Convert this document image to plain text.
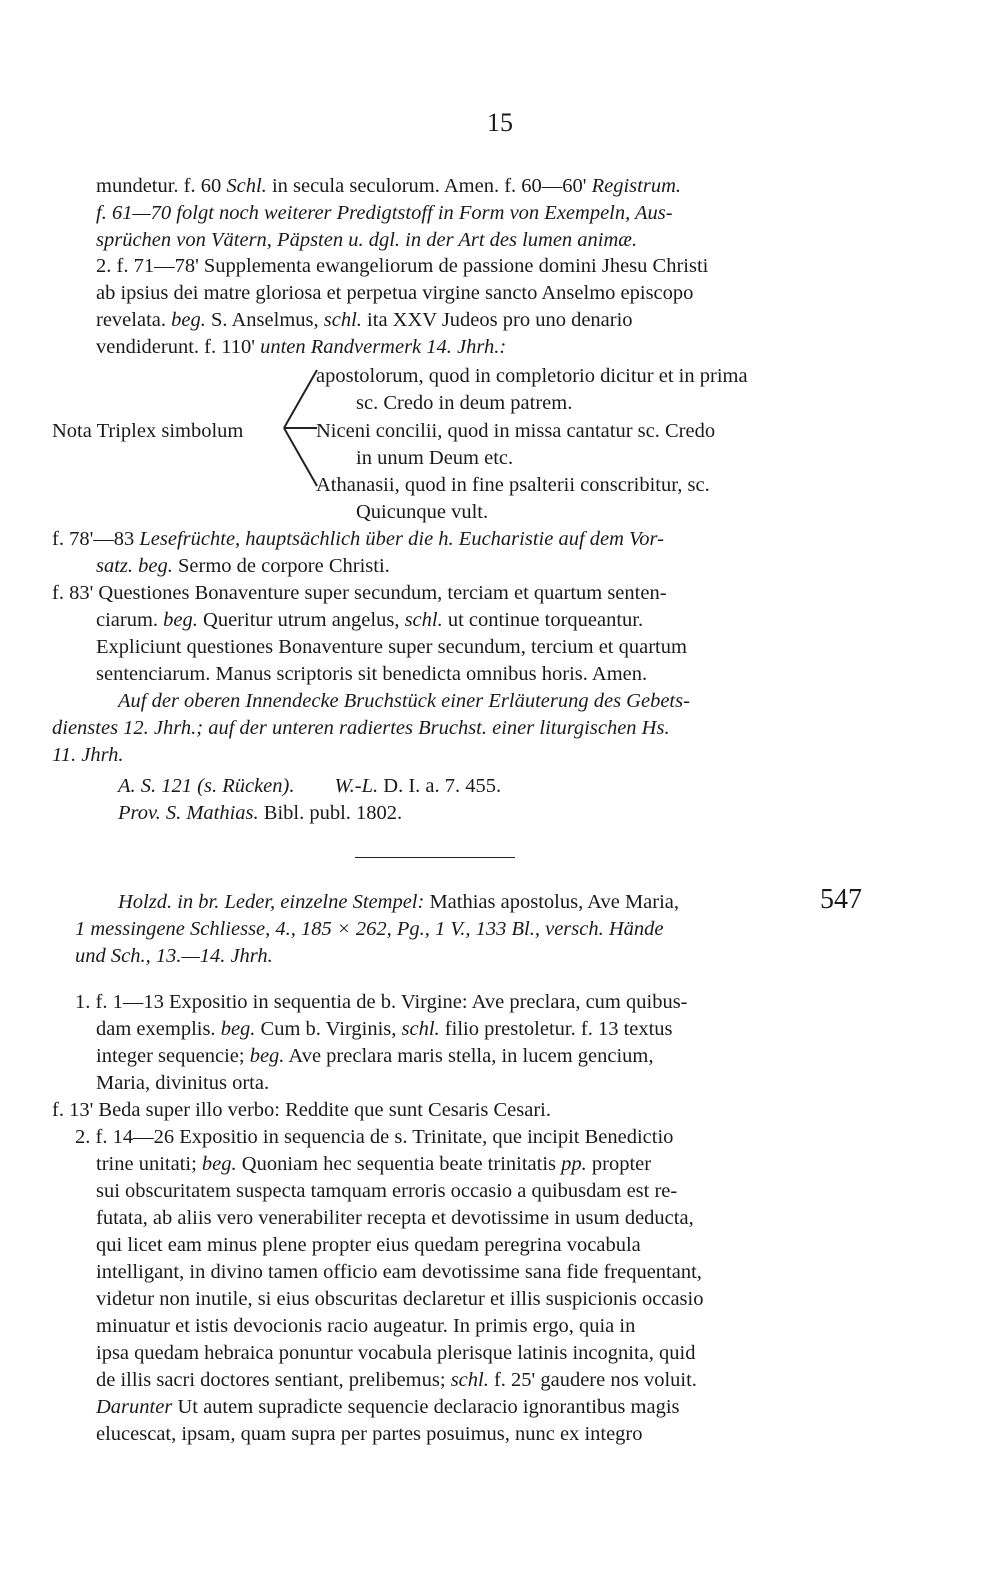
15
mundetur. f. 60 Schl. in secula seculorum. Amen. f. 60—60' Registrum.
f. 61—70 folgt noch weiterer Predigtstoff in Form von Exempeln, Aus-
sprüchen von Vätern, Päpsten u. dgl. in der Art des lumen animæ.
2. f. 71—78' Supplementa ewangeliorum de passione domini Jhesu Christi
ab ipsius dei matre gloriosa et perpetua virgine sancto Anselmo episcopo
revelata. beg. S. Anselmus, schl. ita XXV Judeos pro uno denario
vendiderunt. f. 110' unten Randvermerk 14. Jhrh.:
Nota Triplex simbolum
apostolorum, quod in completorio dicitur et in prima
sc. Credo in deum patrem.
Niceni concilii, quod in missa cantatur sc. Credo
in unum Deum etc.
Athanasii, quod in fine psalterii conscribitur, sc.
Quicunque vult.
f. 78'—83 Lesefrüchte, hauptsächlich über die h. Eucharistie auf dem Vor-
satz. beg. Sermo de corpore Christi.
f. 83' Questiones Bonaventure super secundum, terciam et quartum senten-
ciarum. beg. Queritur utrum angelus, schl. ut continue torqueantur.
Expliciunt questiones Bonaventure super secundum, tercium et quartum
sentenciarum. Manus scriptoris sit benedicta omnibus horis. Amen.
Auf der oberen Innendecke Bruchstück einer Erläuterung des Gebets-
dienstes 12. Jhrh.; auf der unteren radiertes Bruchst. einer liturgischen Hs.
11. Jhrh.
A. S. 121 (s. Rücken). W.-L. D. I. a. 7. 455.
Prov. S. Mathias. Bibl. publ. 1802.
547
Holzd. in br. Leder, einzelne Stempel: Mathias apostolus, Ave Maria,
1 messingene Schliesse, 4., 185 × 262, Pg., 1 V., 133 Bl., versch. Hände
und Sch., 13.—14. Jhrh.
1. f. 1—13 Expositio in sequentia de b. Virgine: Ave preclara, cum quibus-
dam exemplis. beg. Cum b. Virginis, schl. filio prestoletur. f. 13 textus
integer sequencie; beg. Ave preclara maris stella, in lucem gencium,
Maria, divinitus orta.
f. 13' Beda super illo verbo: Reddite que sunt Cesaris Cesari.
2. f. 14—26 Expositio in sequencia de s. Trinitate, que incipit Benedictio
trine unitati; beg. Quoniam hec sequentia beate trinitatis pp. propter
sui obscuritatem suspecta tamquam erroris occasio a quibusdam est re-
futata, ab aliis vero venerabiliter recepta et devotissime in usum deducta,
qui licet eam minus plene propter eius quedam peregrina vocabula
intelligant, in divino tamen officio eam devotissime sana fide frequentant,
videtur non inutile, si eius obscuritas declaretur et illis suspicionis occasio
minuatur et istis devocionis racio augeatur. In primis ergo, quia in
ipsa quedam hebraica ponuntur vocabula plerisque latinis incognita, quid
de illis sacri doctores sentiant, prelibemus; schl. f. 25' gaudere nos voluit.
Darunter Ut autem supradicte sequencie declaracio ignorantibus magis
elucescat, ipsam, quam supra per partes posuimus, nunc ex integro
